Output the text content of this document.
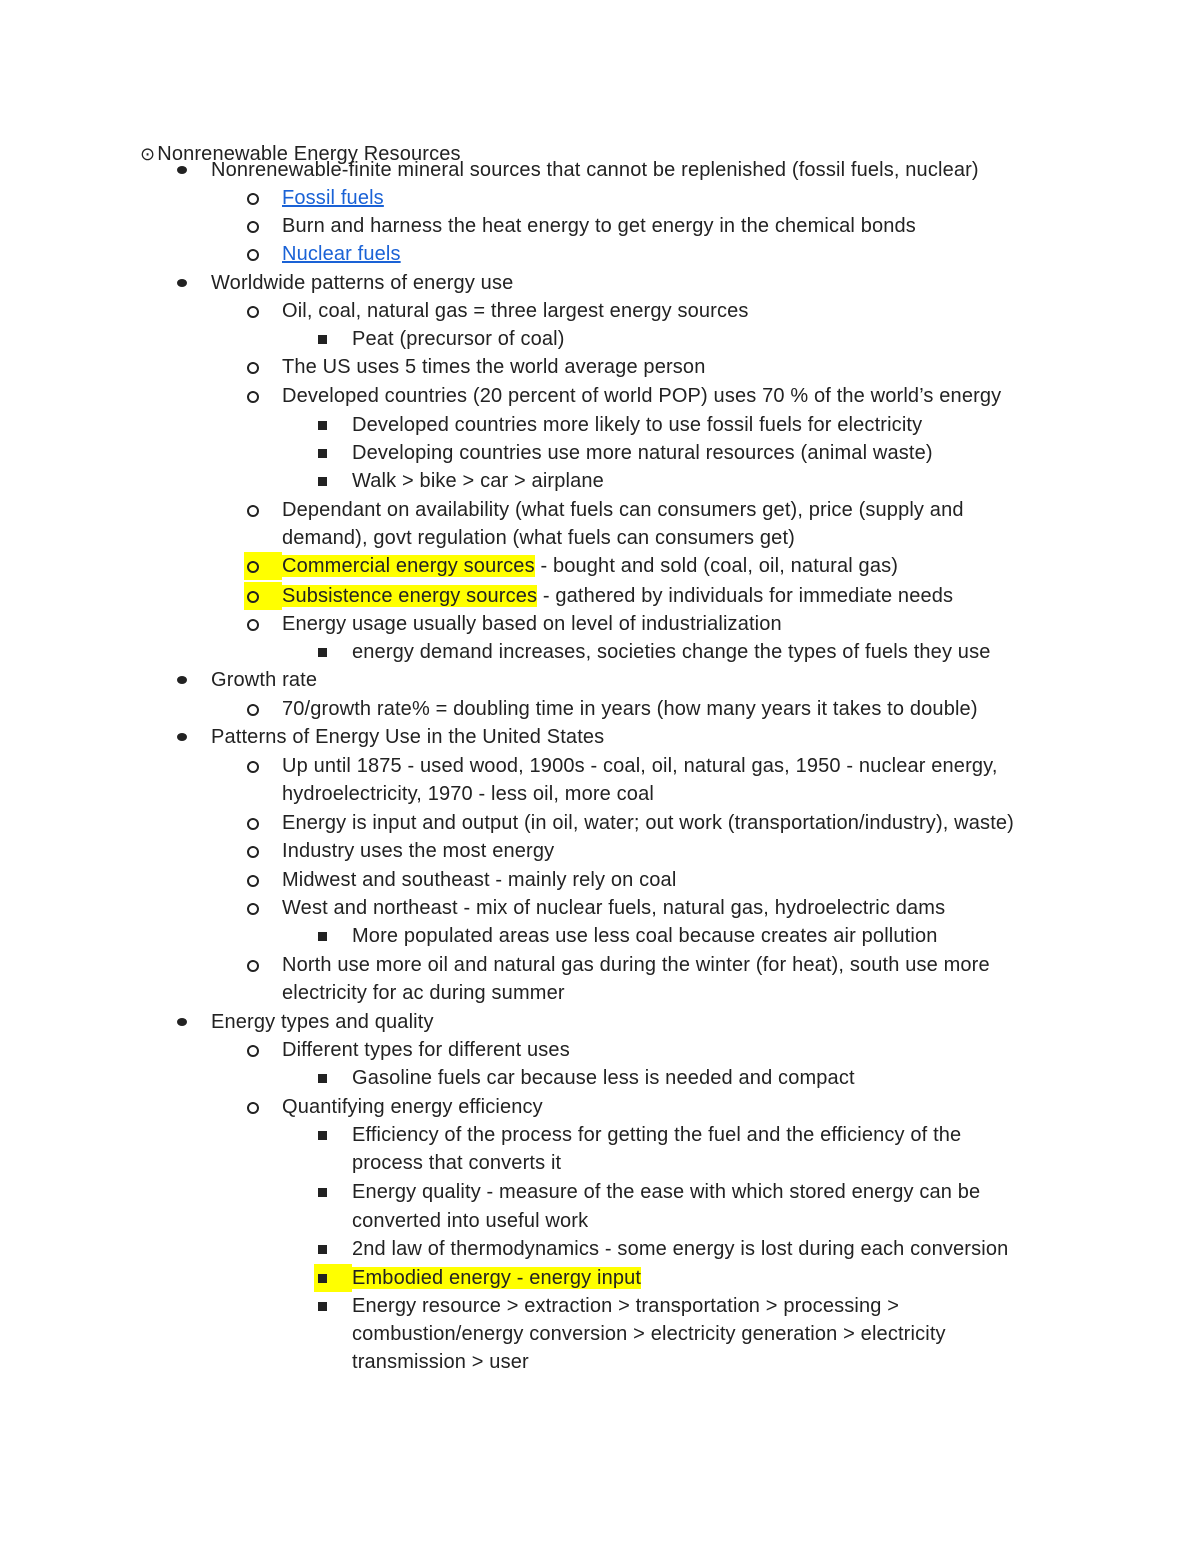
⊙ Nonrenewable Energy Resources
Nonrenewable-finite mineral sources that cannot be replenished (fossil fuels, nuclear)
Fossil fuels
Burn and harness the heat energy to get energy in the chemical bonds
Nuclear fuels
Worldwide patterns of energy use
Oil, coal, natural gas = three largest energy sources
Peat (precursor of coal)
The US uses 5 times the world average person
Developed countries (20 percent of world POP) uses 70 % of the world’s energy
Developed countries more likely to use fossil fuels for electricity
Developing countries use more natural resources (animal waste)
Walk > bike > car > airplane
Dependant on availability (what fuels can consumers get), price (supply and
demand), govt regulation (what fuels can consumers get)
Commercial energy sources - bought and sold (coal, oil, natural gas)
Subsistence energy sources - gathered by individuals for immediate needs
Energy usage usually based on level of industrialization
energy demand increases, societies change the types of fuels they use
Growth rate
70/growth rate% = doubling time in years (how many years it takes to double)
Patterns of Energy Use in the United States
Up until 1875 - used wood, 1900s - coal, oil, natural gas, 1950 - nuclear energy,
hydroelectricity, 1970 - less oil, more coal
Energy is input and output (in oil, water; out work (transportation/industry), waste)
Industry uses the most energy
Midwest and southeast - mainly rely on coal
West and northeast - mix of nuclear fuels, natural gas, hydroelectric dams
More populated areas use less coal because creates air pollution
North use more oil and natural gas during the winter (for heat), south use more
electricity for ac during summer
Energy types and quality
Different types for different uses
Gasoline fuels car because less is needed and compact
Quantifying energy efficiency
Efficiency of the process for getting the fuel and the efficiency of the
process that converts it
Energy quality - measure of the ease with which stored energy can be
converted into useful work
2nd law of thermodynamics - some energy is lost during each conversion
Embodied energy - energy input
Energy resource > extraction > transportation > processing >
combustion/energy conversion > electricity generation > electricity
transmission > user
